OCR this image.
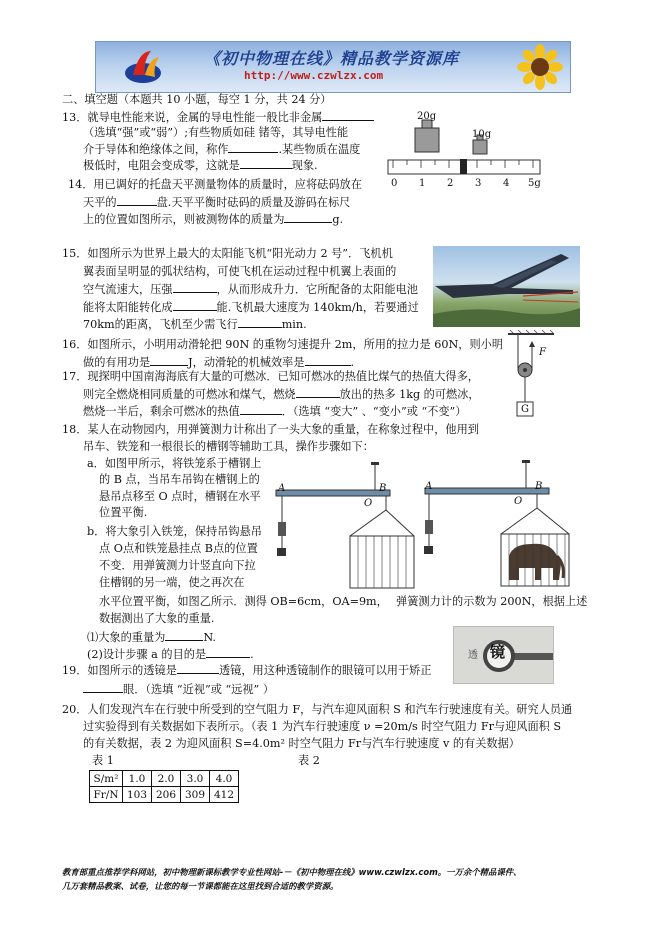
《初中物理在线》精品教学资源库
http://www.czwlzx.com
二、填空题（本题共 10 小题，每空 1 分，共 24 分）
13．就导电性能来说，金属的导电性能一般比非金属
（选填“强”或“弱”）;有些物质如硅 锗等，其导电性能
介于导体和绝缘体之间，称作	.某些物质在温度
极低时，电阻会变成零，这就是	现象.
14．用已调好的托盘天平测量物体的质量时，应将砝码放在
天平的	盘.天平平衡时砝码的质量及游码在标尺
上的位置如图所示，则被测物体的质量为	g.
20g
10g
0 1 2 3 4 5g
15．如图所示为世界上最大的太阳能飞机“阳光动力 2 号”．飞机机
翼表面呈明显的弧状结构，可使飞机在运动过程中机翼上表面的
空气流速大，压强	，从而形成升力．它所配备的太阳能电池
能将太阳能转化成	能.飞机最大速度为 140km/h，若要通过
70km的距离，飞机至少需飞行	min.
16．如图所示，小明用动滑轮把 90N 的重物匀速提升 2m，所用的拉力是 60N，则小明
做的有用功是	J，动滑轮的机械效率是	.
F
G
17．现探明中国南海海底有大量的可燃冰．已知可燃冰的热值比煤气的热值大得多，
则完全燃烧相同质量的可燃冰和煤气，燃烧	放出的热多 1kg 的可燃冰，
燃烧一半后，剩余可燃冰的热值	．（选填 “变大” 、“变小”或 “不变”）
18．某人在动物园内，用弹簧测力计称出了一头大象的重量，在称象过程中，他用到
吊车、铁笼和一根很长的槽钢等辅助工具，操作步骤如下：
a．如图甲所示，将铁笼系于槽钢上
的 B 点，当吊车吊钩在槽钢上的
悬吊点移至 O 点时，槽钢在水平
位置平衡.
b．将大象引入铁笼，保持吊钩悬吊
点 O点和铁笼悬挂点 B点的位置
不变．用弹簧测力计竖直向下拉
住槽钢的另一端，使之再次在
水平位置平衡，如图乙所示．测得 OB=6cm，OA=9m， 弹簧测力计的示数为 200N，根据上述
数据测出了大象的重量.
⑴大象的重量为	N.
(2)设计步骤 a 的目的是	.
A
O
B	A
O
B
透 镜
19．如图所示的透镜是	透镜，用这种透镜制作的眼镜可以用于矫正
眼．（选填 “近视”或 “远视” ）
20．人们发现汽车在行驶中所受到的空气阻力 F，与汽车迎风面积 S 和汽车行驶速度有关。研究人员通
过实验得到有关数据如下表所示。（表 1 为汽车行驶速度 ν =20m/s 时空气阻力 Fr与迎风面积 S
的有关数据，表 2 为迎风面积 S=4.0m² 时空气阻力 Fr与汽车行驶速度 v 的有关数据）
表 1	表 2
S/m²	1.0	2.0	3.0	4.0
Fr/N	103	206	309	412
教育部重点推荐学科网站，初中物理新课标教学专业性网站-－《初中物理在线》www.czwlzx.com。一万余个精品课件、
几万套精品教案、试卷，让您的每一节课都能在这里找到合适的教学资源。
